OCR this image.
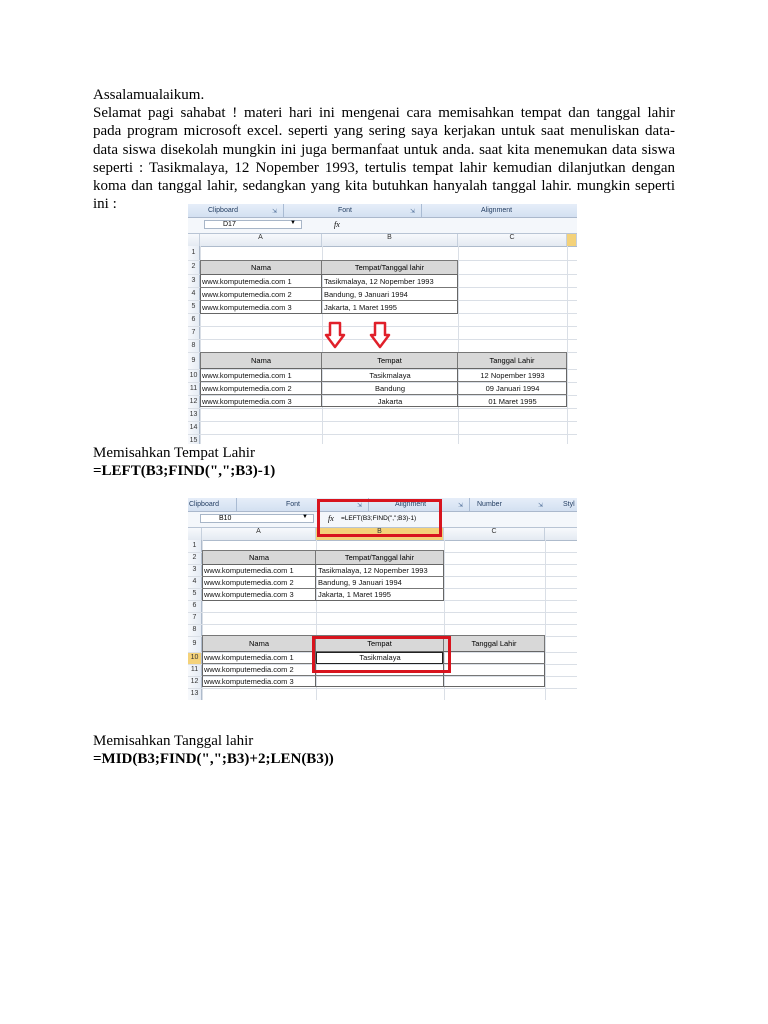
Assalamualaikum.

Selamat pagi sahabat ! materi hari ini mengenai cara memisahkan tempat dan tanggal lahir

pada program microsoft excel. seperti yang sering saya kerjakan untuk saat menuliskan data-

data siswa disekolah mungkin ini juga bermanfaat untuk anda. saat kita menemukan data siswa

seperti : Tasikmalaya, 12 Nopember 1993, tertulis tempat lahir kemudian dilanjutkan dengan

koma dan tanggal lahir, sedangkan yang kita butuhkan hanyalah tanggal lahir. mungkin seperti

ini :	Clipboard	⇲	Font	⇲	Alignment
D17	▼	fx
A	B	C
1
2
3
4
5
6
7
8
9
10
11
12
13
14
15
Nama	Tempat/Tanggal lahir
www.komputemedia.com 1	Tasikmalaya, 12 Nopember 1993
www.komputemedia.com 2	Bandung, 9 Januari 1994
www.komputemedia.com 3	Jakarta, 1 Maret 1995
Nama	Tempat	Tanggal Lahir
www.komputemedia.com 1	Tasikmalaya	12 Nopember 1993
www.komputemedia.com 2	Bandung	09 Januari 1994
www.komputemedia.com 3	Jakarta	01 Maret 1995
Memisahkan Tempat Lahir
=LEFT(B3;FIND(",";B3)-1)
Clipboard	Font	⇲	Alignment	⇲ Number	⇲	Styl
B10	▼	fx =LEFT(B3;FIND(",";B3)-1)
A	B	C
1
2
3
4
5
6
7
8
9
10
11
12
13
Nama	Tempat/Tanggal lahir
www.komputemedia.com 1	Tasikmalaya, 12 Nopember 1993
www.komputemedia.com 2	Bandung, 9 Januari 1994
www.komputemedia.com 3	Jakarta, 1 Maret 1995
Nama	Tempat	Tanggal Lahir
www.komputemedia.com 1	Tasikmalaya
www.komputemedia.com 2
www.komputemedia.com 3
Memisahkan Tanggal lahir
=MID(B3;FIND(",";B3)+2;LEN(B3))
